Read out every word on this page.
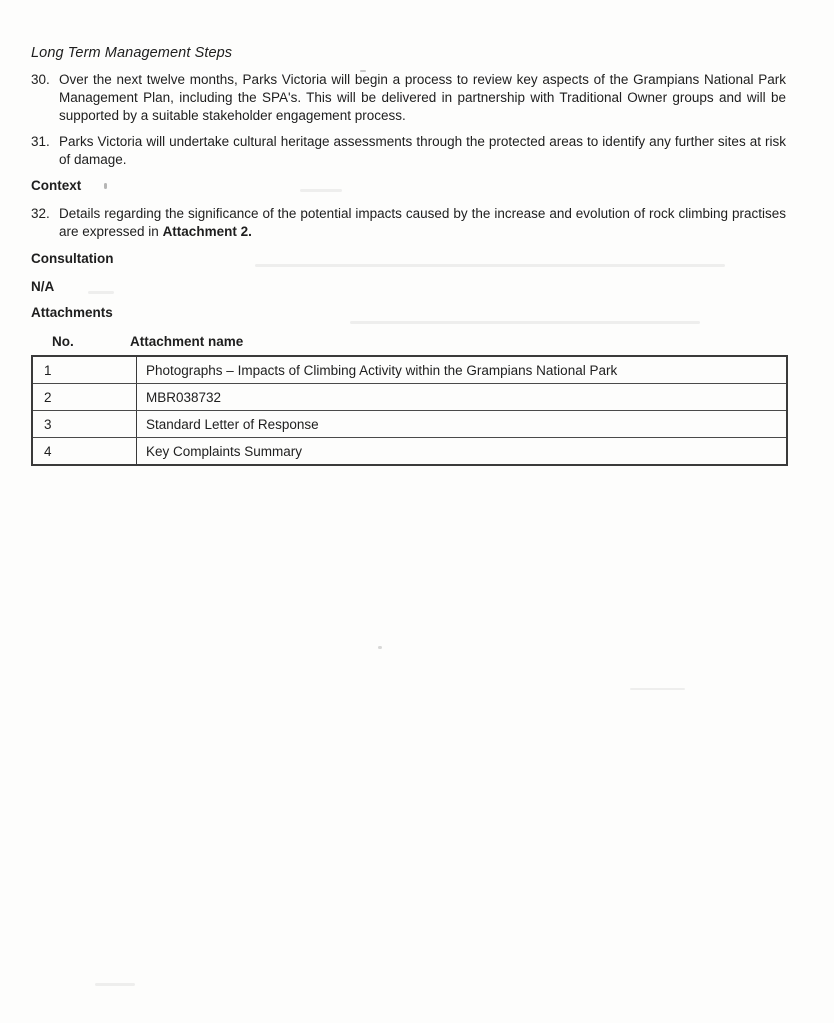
Long Term Management Steps
30. Over the next twelve months, Parks Victoria will begin a process to review key aspects of the Grampians National Park Management Plan, including the SPA's. This will be delivered in partnership with Traditional Owner groups and will be supported by a suitable stakeholder engagement process.
31. Parks Victoria will undertake cultural heritage assessments through the protected areas to identify any further sites at risk of damage.
Context
32. Details regarding the significance of the potential impacts caused by the increase and evolution of rock climbing practises are expressed in Attachment 2.
Consultation
N/A
Attachments
No.	Attachment name
1	Photographs – Impacts of Climbing Activity within the Grampians National Park
2	MBR038732
3	Standard Letter of Response
4	Key Complaints Summary
